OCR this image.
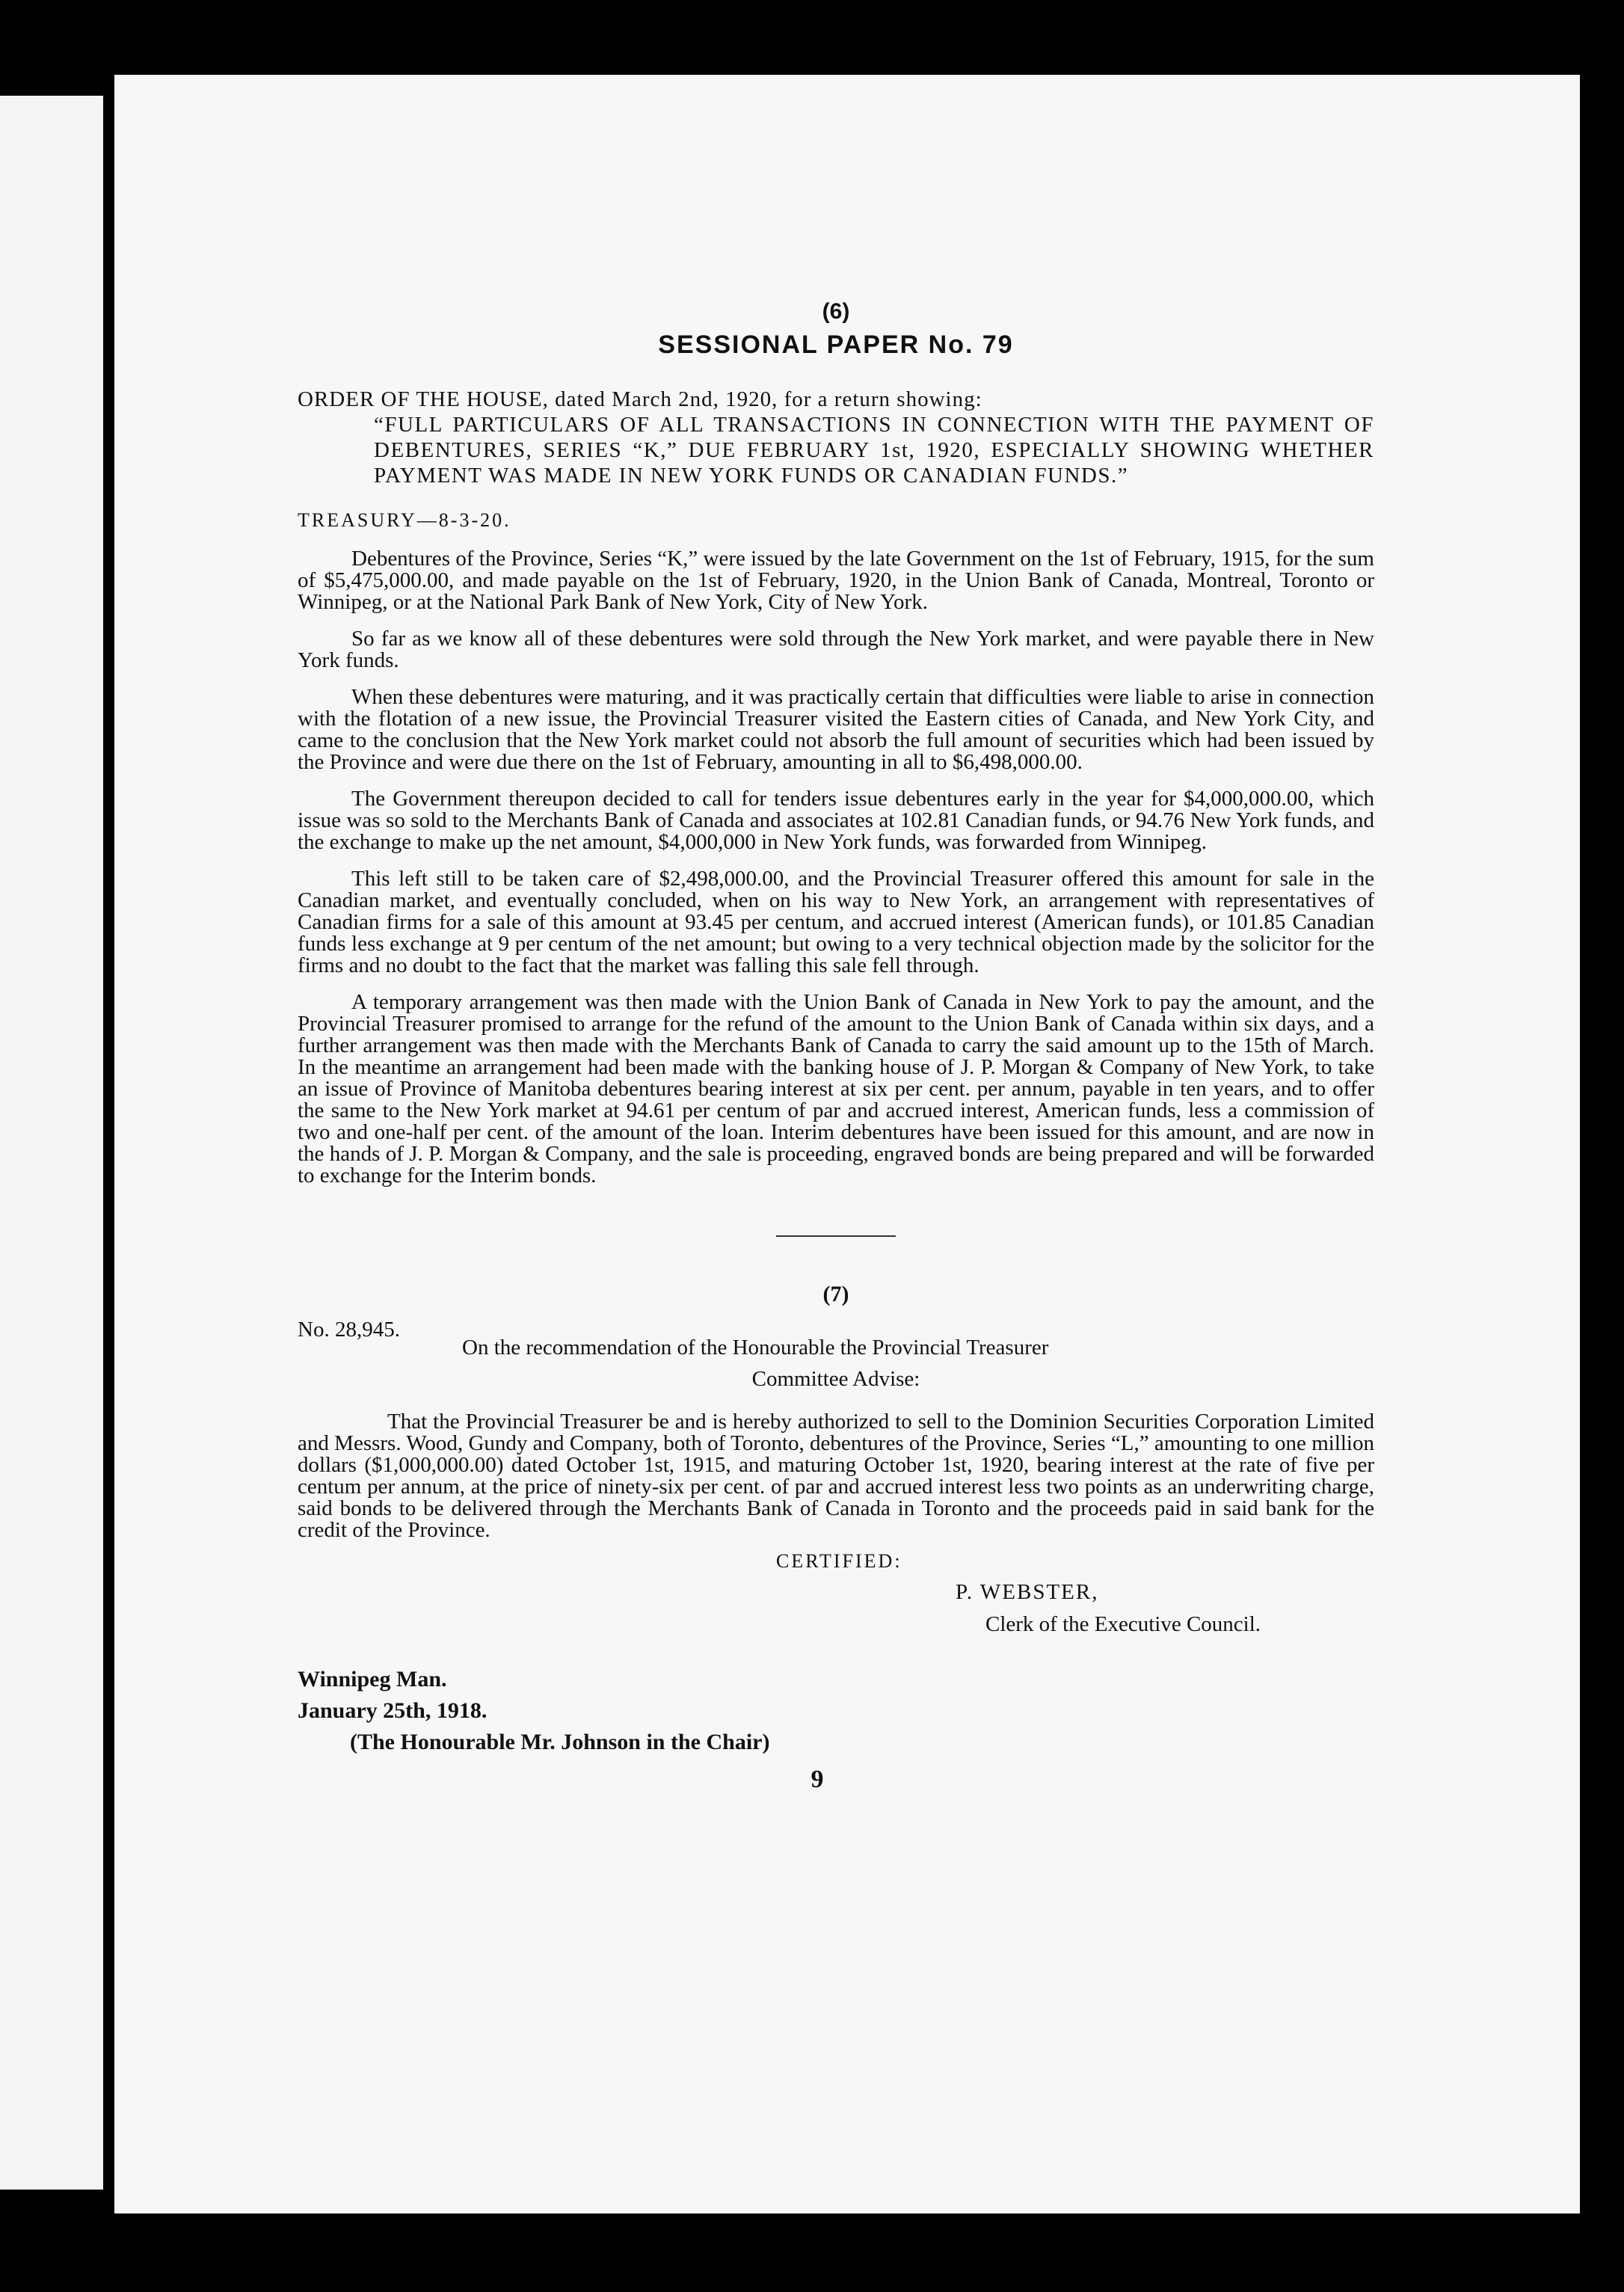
(6)

SESSIONAL PAPER No. 79

ORDER OF THE HOUSE, dated March 2nd, 1920, for a return showing:

“FULL PARTICULARS OF ALL TRANSACTIONS IN CONNECTION WITH THE PAYMENT OF DEBENTURES, SERIES “K,” DUE FEBRUARY 1st, 1920, ESPECIALLY SHOWING WHETHER PAYMENT WAS MADE IN NEW YORK FUNDS OR CANADIAN FUNDS.”

TREASURY—8-3-20.

Debentures of the Province, Series “K,” were issued by the late Government on the 1st of February, 1915, for the sum of $5,475,000.00, and made payable on the 1st of February, 1920, in the Union Bank of Canada, Montreal, Toronto or Winnipeg, or at the National Park Bank of New York, City of New York.

So far as we know all of these debentures were sold through the New York market, and were payable there in New York funds.

When these debentures were maturing, and it was practically certain that difficulties were liable to arise in connection with the flotation of a new issue, the Provincial Treasurer visited the Eastern cities of Canada, and New York City, and came to the conclusion that the New York market could not absorb the full amount of securities which had been issued by the Province and were due there on the 1st of February, amounting in all to $6,498,000.00.

The Government thereupon decided to call for tenders issue debentures early in the year for $4,000,000.00, which issue was so sold to the Merchants Bank of Canada and associates at 102.81 Canadian funds, or 94.76 New York funds, and the exchange to make up the net amount, $4,000,000 in New York funds, was forwarded from Winnipeg.

This left still to be taken care of $2,498,000.00, and the Provincial Treasurer offered this amount for sale in the Canadian market, and eventually concluded, when on his way to New York, an arrangement with representatives of Canadian firms for a sale of this amount at 93.45 per centum, and accrued interest (American funds), or 101.85 Canadian funds less exchange at 9 per centum of the net amount; but owing to a very technical objection made by the solicitor for the firms and no doubt to the fact that the market was falling this sale fell through.

A temporary arrangement was then made with the Union Bank of Canada in New York to pay the amount, and the Provincial Treasurer promised to arrange for the refund of the amount to the Union Bank of Canada within six days, and a further arrangement was then made with the Merchants Bank of Canada to carry the said amount up to the 15th of March. In the meantime an arrangement had been made with the banking house of J. P. Morgan & Company of New York, to take an issue of Province of Manitoba debentures bearing interest at six per cent. per annum, payable in ten years, and to offer the same to the New York market at 94.61 per centum of par and accrued interest, American funds, less a commission of two and one-half per cent. of the amount of the loan. Interim debentures have been issued for this amount, and are now in the hands of J. P. Morgan & Company, and the sale is proceeding, engraved bonds are being prepared and will be forwarded to exchange for the Interim bonds.

(7)

No. 28,945.
On the recommendation of the Honourable the Provincial Treasurer

Committee Advise:

That the Provincial Treasurer be and is hereby authorized to sell to the Dominion Securities Corporation Limited and Messrs. Wood, Gundy and Company, both of Toronto, debentures of the Province, Series “L,” amounting to one million dollars ($1,000,000.00) dated October 1st, 1915, and maturing October 1st, 1920, bearing interest at the rate of five per centum per annum, at the price of ninety-six per cent. of par and accrued interest less two points as an underwriting charge, said bonds to be delivered through the Merchants Bank of Canada in Toronto and the proceeds paid in said bank for the credit of the Province.

CERTIFIED:

P. WEBSTER,

Clerk of the Executive Council.

Winnipeg Man.

January 25th, 1918.

(The Honourable Mr. Johnson in the Chair)

9
